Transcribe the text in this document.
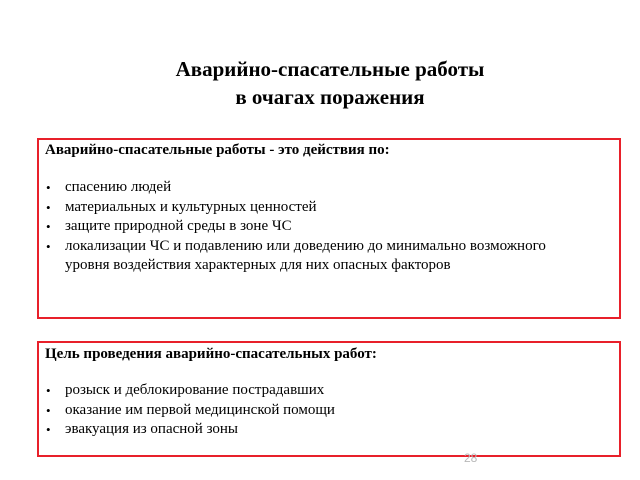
Аварийно-спасательные работы
в очагах поражения
Аварийно-спасательные работы - это действия по:
• спасению людей
• материальных и культурных ценностей
• защите природной среды в зоне ЧС
• локализации ЧС и подавлению или доведению до минимально возможного уровня воздействия характерных для них опасных факторов
Цель проведения аварийно-спасательных работ:
• розыск и деблокирование пострадавших
• оказание им первой медицинской помощи
• эвакуация из опасной зоны
28
